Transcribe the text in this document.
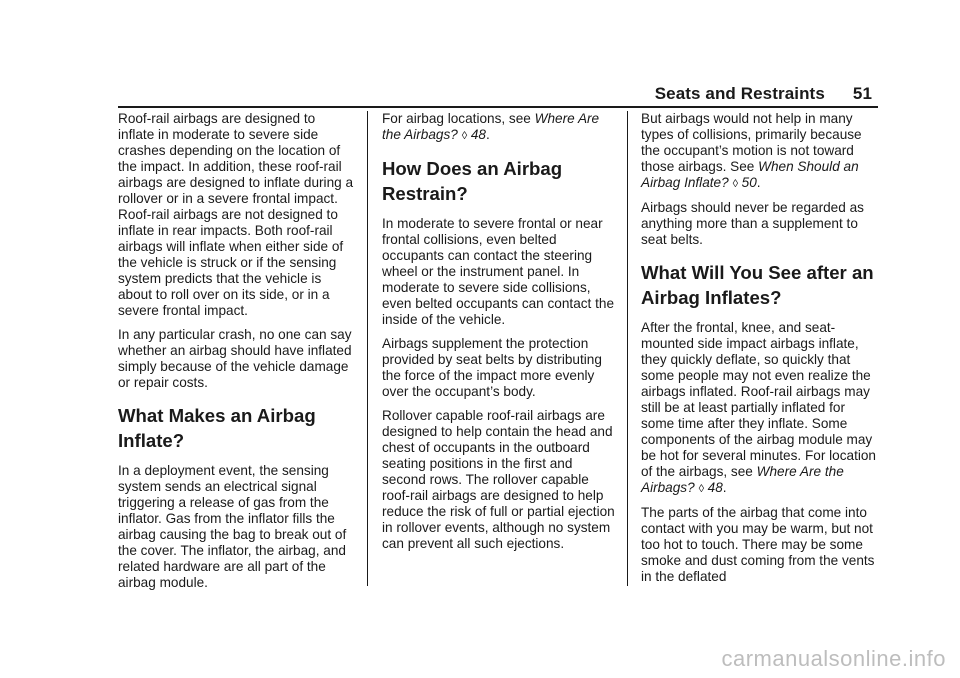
Seats and Restraints 51

Roof-rail airbags are designed to inflate in moderate to severe side crashes depending on the location of the impact. In addition, these roof-rail airbags are designed to inflate during a rollover or in a severe frontal impact. Roof-rail airbags are not designed to inflate in rear impacts. Both roof-rail airbags will inflate when either side of the vehicle is struck or if the sensing system predicts that the vehicle is about to roll over on its side, or in a severe frontal impact.

In any particular crash, no one can say whether an airbag should have inflated simply because of the vehicle damage or repair costs.

What Makes an Airbag Inflate?

In a deployment event, the sensing system sends an electrical signal triggering a release of gas from the inflator. Gas from the inflator fills the airbag causing the bag to break out of the cover. The inflator, the airbag, and related hardware are all part of the airbag module.

For airbag locations, see Where Are the Airbags? ◊ 48.

How Does an Airbag Restrain?

In moderate to severe frontal or near frontal collisions, even belted occupants can contact the steering wheel or the instrument panel. In moderate to severe side collisions, even belted occupants can contact the inside of the vehicle.

Airbags supplement the protection provided by seat belts by distributing the force of the impact more evenly over the occupant’s body.

Rollover capable roof-rail airbags are designed to help contain the head and chest of occupants in the outboard seating positions in the first and second rows. The rollover capable roof-rail airbags are designed to help reduce the risk of full or partial ejection in rollover events, although no system can prevent all such ejections.

But airbags would not help in many types of collisions, primarily because the occupant’s motion is not toward those airbags. See When Should an Airbag Inflate? ◊ 50.

Airbags should never be regarded as anything more than a supplement to seat belts.

What Will You See after an Airbag Inflates?

After the frontal, knee, and seat-mounted side impact airbags inflate, they quickly deflate, so quickly that some people may not even realize the airbags inflated. Roof-rail airbags may still be at least partially inflated for some time after they inflate. Some components of the airbag module may be hot for several minutes. For location of the airbags, see Where Are the Airbags? ◊ 48.

The parts of the airbag that come into contact with you may be warm, but not too hot to touch. There may be some smoke and dust coming from the vents in the deflated

carmanualsonline.info
